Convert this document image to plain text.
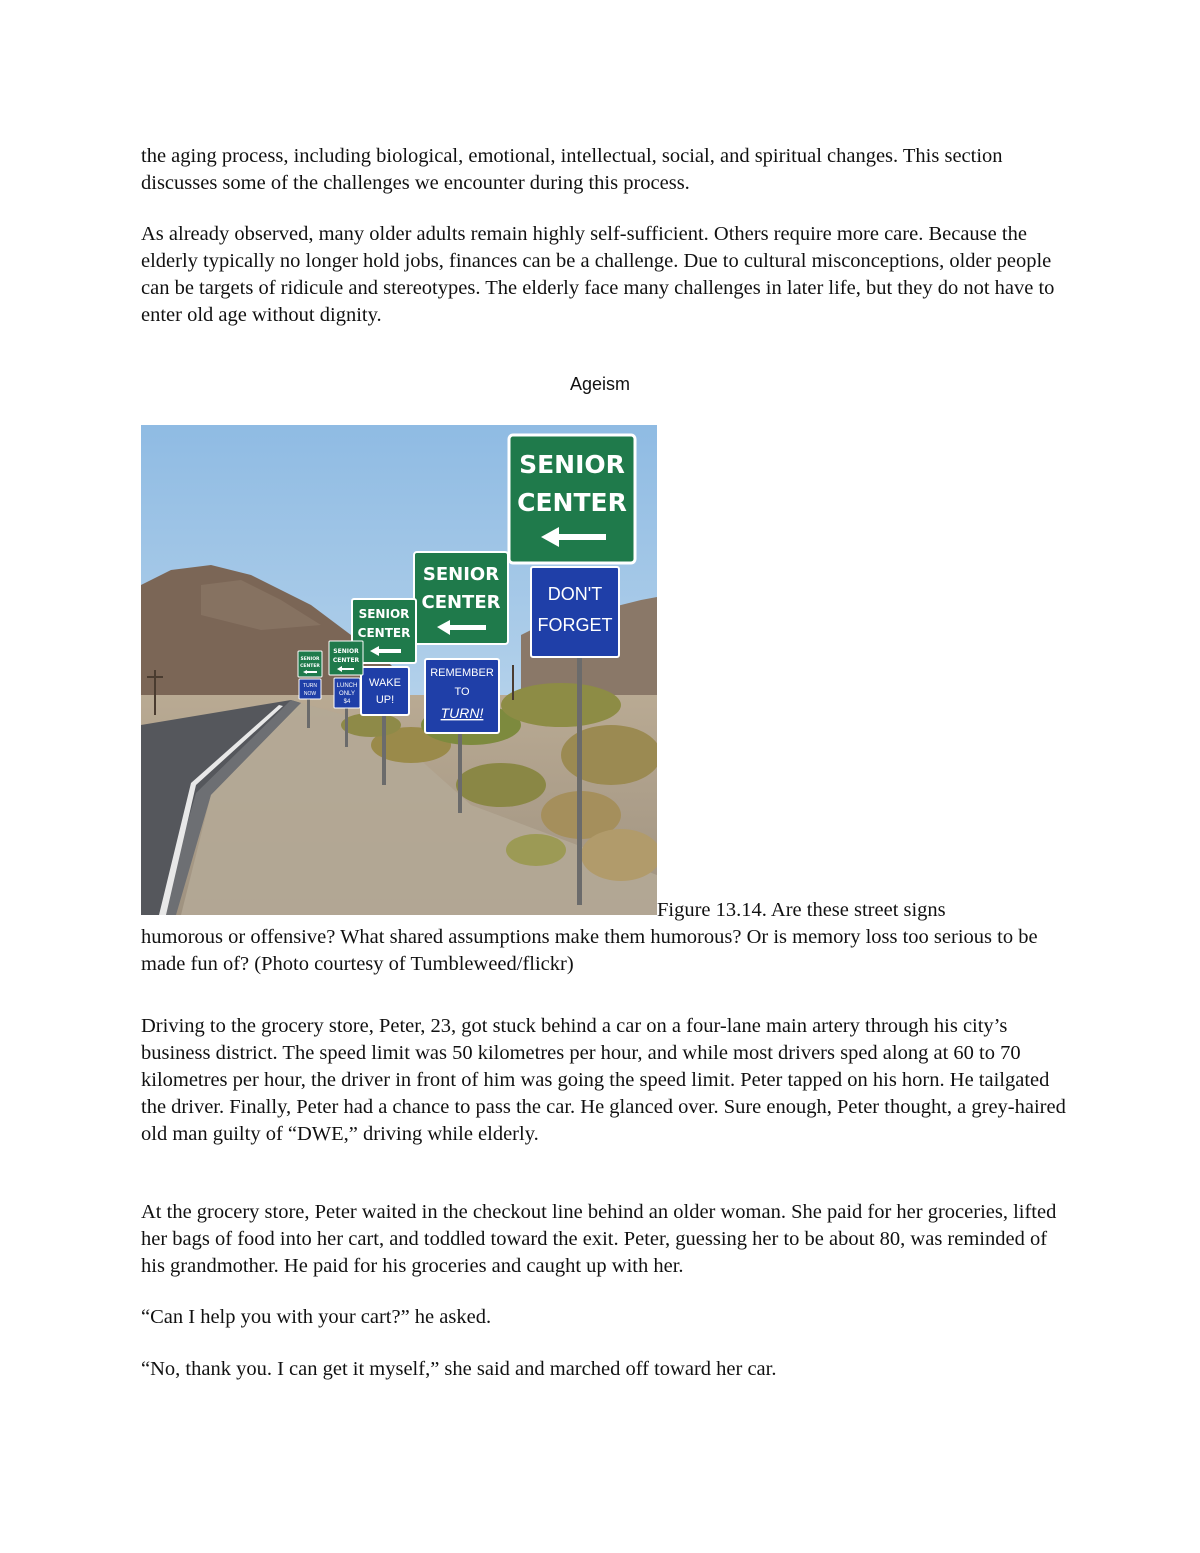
the aging process, including biological, emotional, intellectual, social, and spiritual changes. This section discusses some of the challenges we encounter during this process.

As already observed, many older adults remain highly self-sufficient. Others require more care. Because the elderly typically no longer hold jobs, finances can be a challenge. Due to cultural misconceptions, older people can be targets of ridicule and stereotypes. The elderly face many challenges in later life, but they do not have to enter old age without dignity.

Ageism
SENIOR
CENTER
DON'T
FORGET
SENIOR
CENTER
REMEMBER
TO
TURN!
SENIOR
CENTER
WAKE
UP!
SENIOR
CENTER
LUNCH
ONLY
$4
SENIOR
CENTER
TURN
NOW

Figure 13.14. Are these street signs

humorous or offensive? What shared assumptions make them humorous? Or is memory loss too serious to be made fun of? (Photo courtesy of Tumbleweed/flickr)

Driving to the grocery store, Peter, 23, got stuck behind a car on a four-lane main artery through his city’s business district. The speed limit was 50 kilometres per hour, and while most drivers sped along at 60 to 70 kilometres per hour, the driver in front of him was going the speed limit. Peter tapped on his horn. He tailgated the driver. Finally, Peter had a chance to pass the car. He glanced over. Sure enough, Peter thought, a grey-haired old man guilty of “DWE,” driving while elderly.

At the grocery store, Peter waited in the checkout line behind an older woman. She paid for her groceries, lifted her bags of food into her cart, and toddled toward the exit. Peter, guessing her to be about 80, was reminded of his grandmother. He paid for his groceries and caught up with her.

“Can I help you with your cart?” he asked.

“No, thank you. I can get it myself,” she said and marched off toward her car.
